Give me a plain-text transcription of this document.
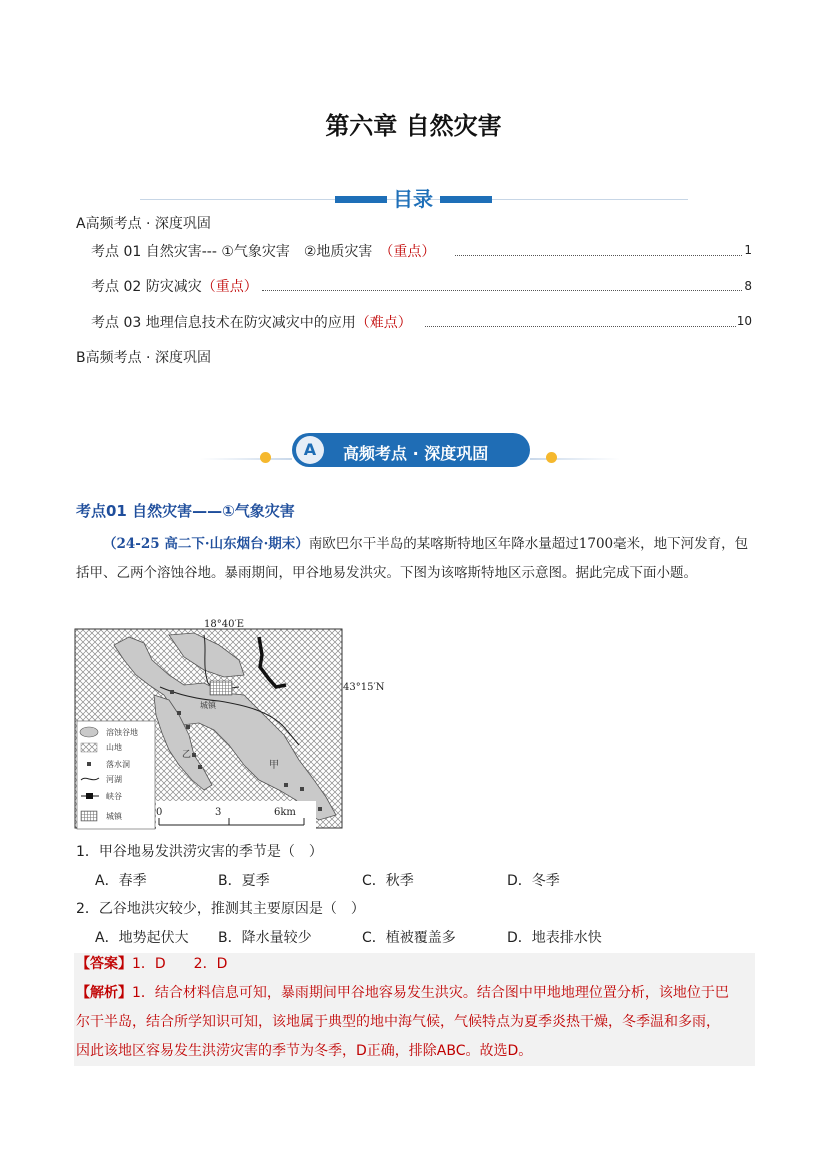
第六章 自然灾害
目录
A高频考点 · 深度巩固
考点 01 自然灾害--- ①气象灾害　②地质灾害　（重点）	1
考点 02 防灾减灾（重点）	8
考点 03 地理信息技术在防灾减灾中的应用（难点）	10
B高频考点 · 深度巩固
A	高频考点 · 深度巩固
考点01 自然灾害——①气象灾害
（24-25 高二下·山东烟台·期末）南欧巴尔干半岛的某喀斯特地区年降水量超过1700毫米，地下河发育，包括甲、乙两个溶蚀谷地。暴雨期间，甲谷地易发洪灾。下图为该喀斯特地区示意图。据此完成下面小题。
城镇
甲
乙
18°40′E
溶蚀谷地
山地
落水洞
河湖
峡谷
城镇	0	3	6km
43°15′N
1．甲谷地易发洪涝灾害的季节是（　）
A．春季	B．夏季	C．秋季	D．冬季
2．乙谷地洪灾较少，推测其主要原因是（　）
A．地势起伏大 B．降水量较少	C．植被覆盖多	D．地表排水快
【答案】1．D　　2．D
【解析】1．结合材料信息可知，暴雨期间甲谷地容易发生洪灾。结合图中甲地地理位置分析，该地位于巴
尔干半岛，结合所学知识可知，该地属于典型的地中海气候，气候特点为夏季炎热干燥，冬季温和多雨，
因此该地区容易发生洪涝灾害的季节为冬季，D正确，排除ABC。故选D。
